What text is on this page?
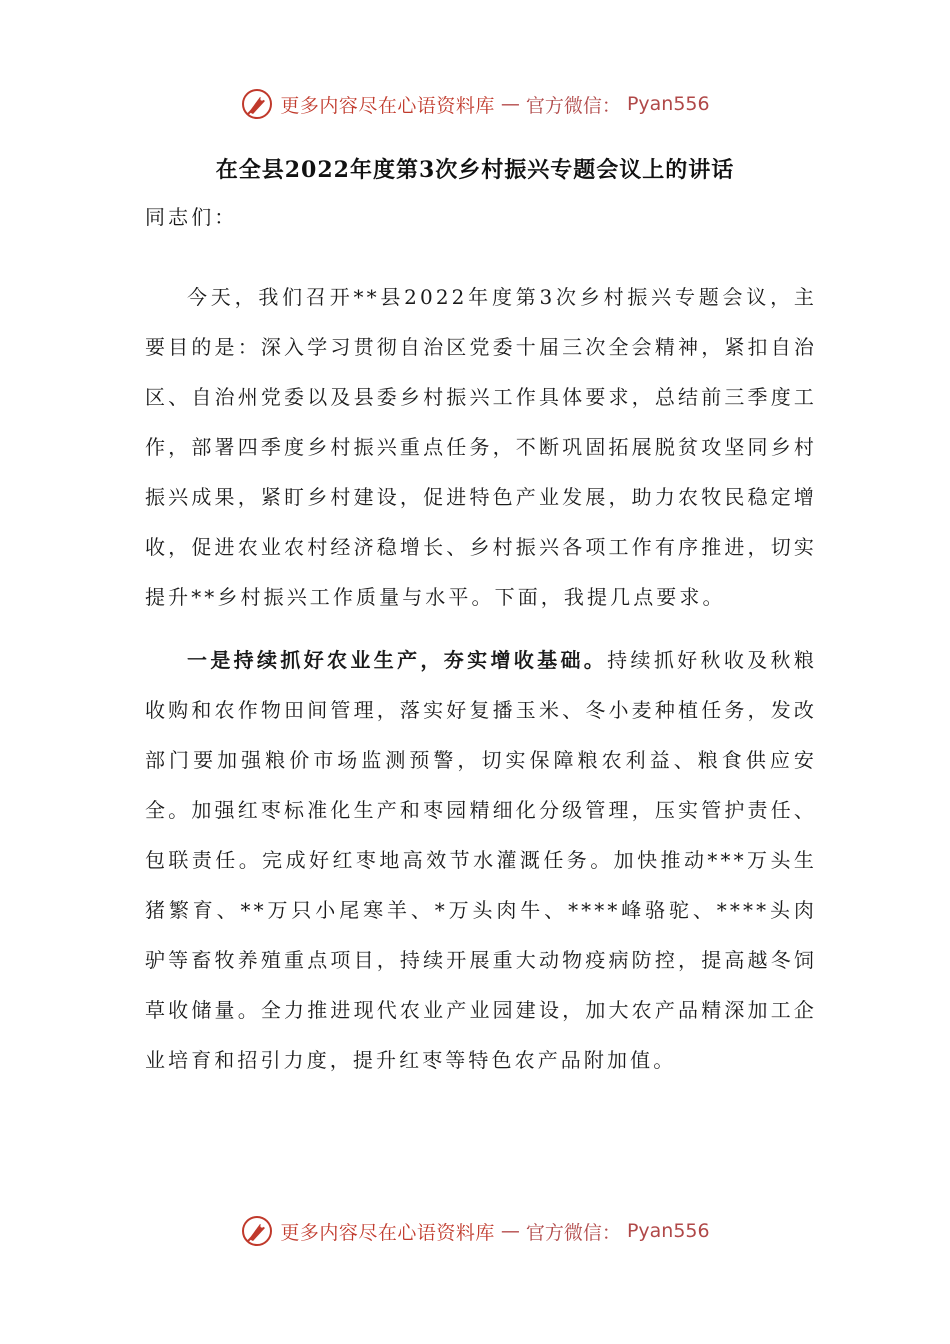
更多内容尽在心语资料库 — 官方微信： Pyan556
在全县2022年度第3次乡村振兴专题会议上的讲话

同志们：

今天，我们召开**县2022年度第3次乡村振兴专题会议，主要目的是：深入学习贯彻自治区党委十届三次全会精神，紧扣自治区、自治州党委以及县委乡村振兴工作具体要求，总结前三季度工作，部署四季度乡村振兴重点任务，不断巩固拓展脱贫攻坚同乡村振兴成果，紧盯乡村建设，促进特色产业发展，助力农牧民稳定增收，促进农业农村经济稳增长、乡村振兴各项工作有序推进，切实提升**乡村振兴工作质量与水平。下面，我提几点要求。

一是持续抓好农业生产，夯实增收基础。持续抓好秋收及秋粮收购和农作物田间管理，落实好复播玉米、冬小麦种植任务，发改部门要加强粮价市场监测预警，切实保障粮农利益、粮食供应安全。加强红枣标准化生产和枣园精细化分级管理，压实管护责任、包联责任。完成好红枣地高效节水灌溉任务。加快推动***万头生猪繁育、**万只小尾寒羊、*万头肉牛、****峰骆驼、****头肉驴等畜牧养殖重点项目，持续开展重大动物疫病防控，提高越冬饲草收储量。全力推进现代农业产业园建设，加大农产品精深加工企业培育和招引力度，提升红枣等特色农产品附加值。

更多内容尽在心语资料库 — 官方微信： Pyan556
